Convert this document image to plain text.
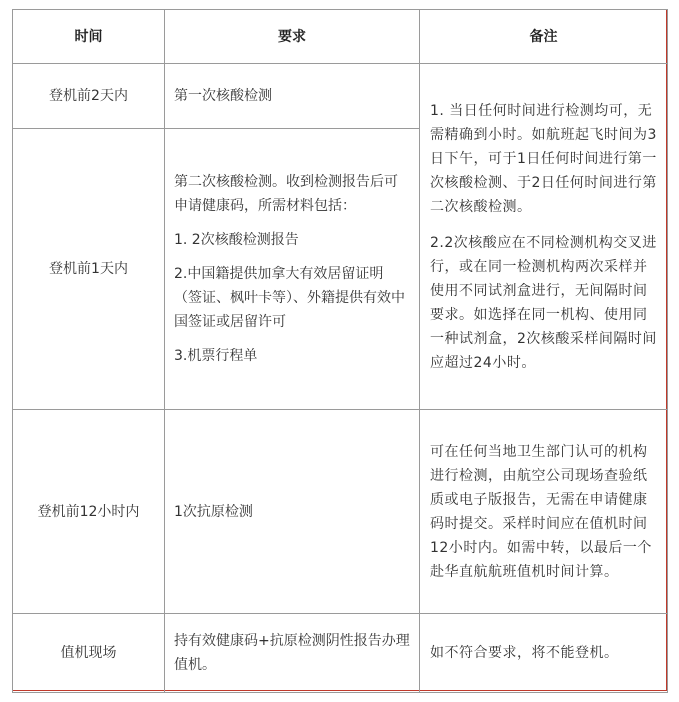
时间	要求	备注
登机前2天内	第一次核酸检测	1. 当日任何时间进行检测均可，无需精确到小时。如航班起飞时间为3日下午，可于1日任何时间进行第一次核酸检测、于2日任何时间进行第二次核酸检测。

2.2次核酸应在不同检测机构交叉进行，或在同一检测机构两次采样并使用不同试剂盒进行，无间隔时间要求。如选择在同一机构、使用同一种试剂盒，2次核酸采样间隔时间应超过24小时。

登机前1天内	第二次核酸检测。收到检测报告后可申请健康码，所需材料包括：

1. 2次核酸检测报告

2.中国籍提供加拿大有效居留证明（签证、枫叶卡等）、外籍提供有效中国签证或居留许可

3.机票行程单	

登机前12小时内	1次抗原检测	可在任何当地卫生部门认可的机构进行检测，由航空公司现场查验纸质或电子版报告，无需在申请健康码时提交。采样时间应在值机时间12小时内。如需中转，以最后一个赴华直航航班值机时间计算。

值机现场	持有效健康码+抗原检测阴性报告办理值机。	如不符合要求，将不能登机。
